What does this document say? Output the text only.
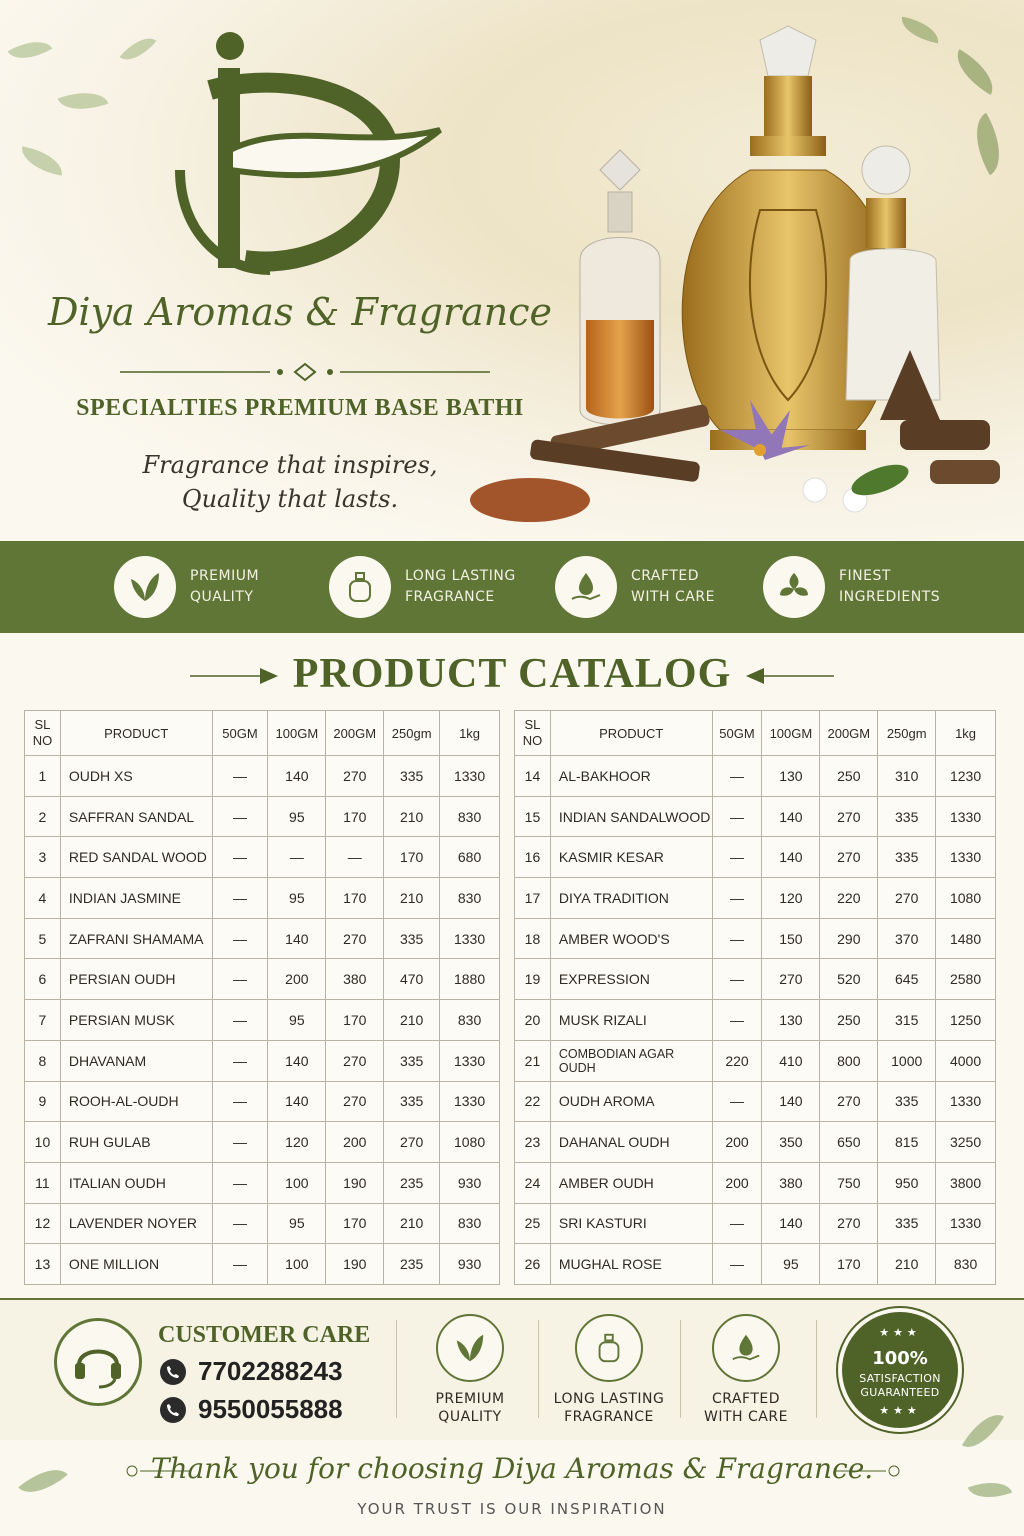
Diya Aromas & Fragrance
SPECIALTIES PREMIUM BASE BATHI
Fragrance that inspires,
Quality that lasts.
PREMIUM
QUALITY
LONG LASTING
FRAGRANCE
CRAFTED
WITH CARE
FINEST
INGREDIENTS
PRODUCT CATALOG
SL NO	PRODUCT	50GM	100GM	200GM	250gm	1kg
1	OUDH XS	—	140	270	335	1330
2	SAFFRAN SANDAL	—	95	170	210	830
3	RED SANDAL WOOD	—	—	—	170	680
4	INDIAN JASMINE	—	95	170	210	830
5	ZAFRANI SHAMAMA	—	140	270	335	1330
6	PERSIAN OUDH	—	200	380	470	1880
7	PERSIAN MUSK	—	95	170	210	830
8	DHAVANAM	—	140	270	335	1330
9	ROOH-AL-OUDH	—	140	270	335	1330
10	RUH GULAB	—	120	200	270	1080
11	ITALIAN OUDH	—	100	190	235	930
12	LAVENDER NOYER	—	95	170	210	830
13	ONE MILLION	—	100	190	235	930
SL NO	PRODUCT	50GM	100GM	200GM	250gm	1kg
14	AL-BAKHOOR	—	130	250	310	1230
15	INDIAN SANDALWOOD	—	140	270	335	1330
16	KASMIR KESAR	—	140	270	335	1330
17	DIYA TRADITION	—	120	220	270	1080
18	AMBER WOOD'S	—	150	290	370	1480
19	EXPRESSION	—	270	520	645	2580
20	MUSK RIZALI	—	130	250	315	1250
21	COMBODIAN AGAR OUDH	220	410	800	1000	4000
22	OUDH AROMA	—	140	270	335	1330
23	DAHANAL OUDH	200	350	650	815	3250
24	AMBER OUDH	200	380	750	950	3800
25	SRI KASTURI	—	140	270	335	1330
26	MUGHAL ROSE	—	95	170	210	830
CUSTOMER CARE
7702288243
9550055888	PREMIUM
QUALITY
LONG LASTING
FRAGRANCE
CRAFTED
WITH CARE
★★★
100%
SATISFACTION
GUARANTEED
★★★
Thank you for choosing Diya Aromas & Fragrance.
YOUR TRUST IS OUR INSPIRATION
